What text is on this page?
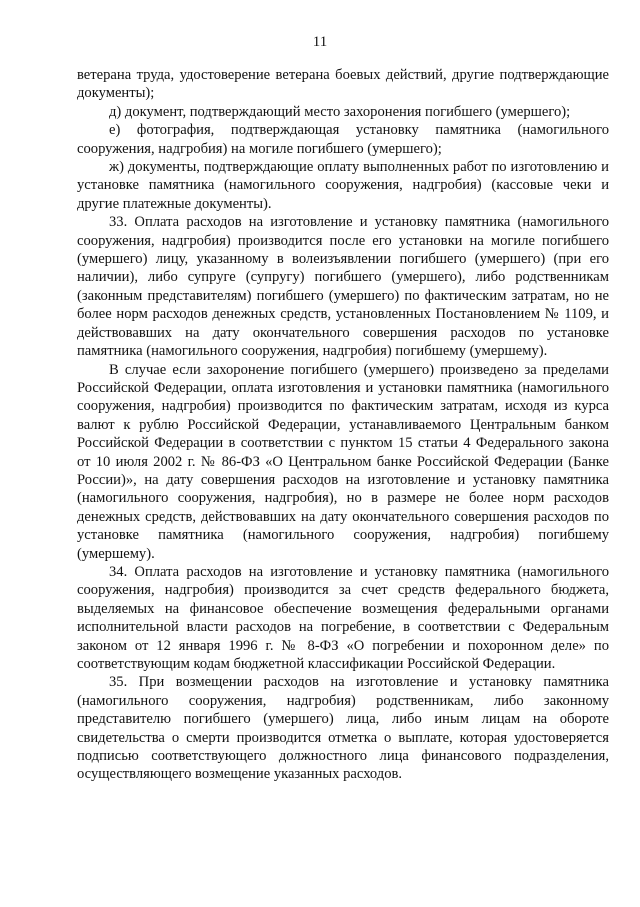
11

ветерана труда, удостоверение ветерана боевых действий, другие подтверждающие документы);

д) документ, подтверждающий место захоронения погибшего (умершего);

е) фотография, подтверждающая установку памятника (намогильного сооружения, надгробия) на могиле погибшего (умершего);

ж) документы, подтверждающие оплату выполненных работ по изготовлению и установке памятника (намогильного сооружения, надгробия) (кассовые чеки и другие платежные документы).

33. Оплата расходов на изготовление и установку памятника (намогильного сооружения, надгробия) производится после его установки на могиле погибшего (умершего) лицу, указанному в волеизъявлении погибшего (умершего) (при его наличии), либо супруге (супругу) погибшего (умершего), либо родственникам (законным представителям) погибшего (умершего) по фактическим затратам, но не более норм расходов денежных средств, установленных Постановлением № 1109, и действовавших на дату окончательного совершения расходов по установке памятника (намогильного сооружения, надгробия) погибшему (умершему).

В случае если захоронение погибшего (умершего) произведено за пределами Российской Федерации, оплата изготовления и установки памятника (намогильного сооружения, надгробия) производится по фактическим затратам, исходя из курса валют к рублю Российской Федерации, устанавливаемого Центральным банком Российской Федерации в соответствии с пунктом 15 статьи 4 Федерального закона от 10 июля 2002 г. № 86-ФЗ «О Центральном банке Российской Федерации (Банке России)», на дату совершения расходов на изготовление и установку памятника (намогильного сооружения, надгробия), но в размере не более норм расходов денежных средств, действовавших на дату окончательного совершения расходов по установке памятника (намогильного сооружения, надгробия) погибшему (умершему).

34. Оплата расходов на изготовление и установку памятника (намогильного сооружения, надгробия) производится за счет средств федерального бюджета, выделяемых на финансовое обеспечение возмещения федеральными органами исполнительной власти расходов на погребение, в соответствии с Федеральным законом от 12 января 1996 г. № 8-ФЗ «О погребении и похоронном деле» по соответствующим кодам бюджетной классификации Российской Федерации.

35. При возмещении расходов на изготовление и установку памятника (намогильного сооружения, надгробия) родственникам, либо законному представителю погибшего (умершего) лица, либо иным лицам на обороте свидетельства о смерти производится отметка о выплате, которая удостоверяется подписью соответствующего должностного лица финансового подразделения, осуществляющего возмещение указанных расходов.
